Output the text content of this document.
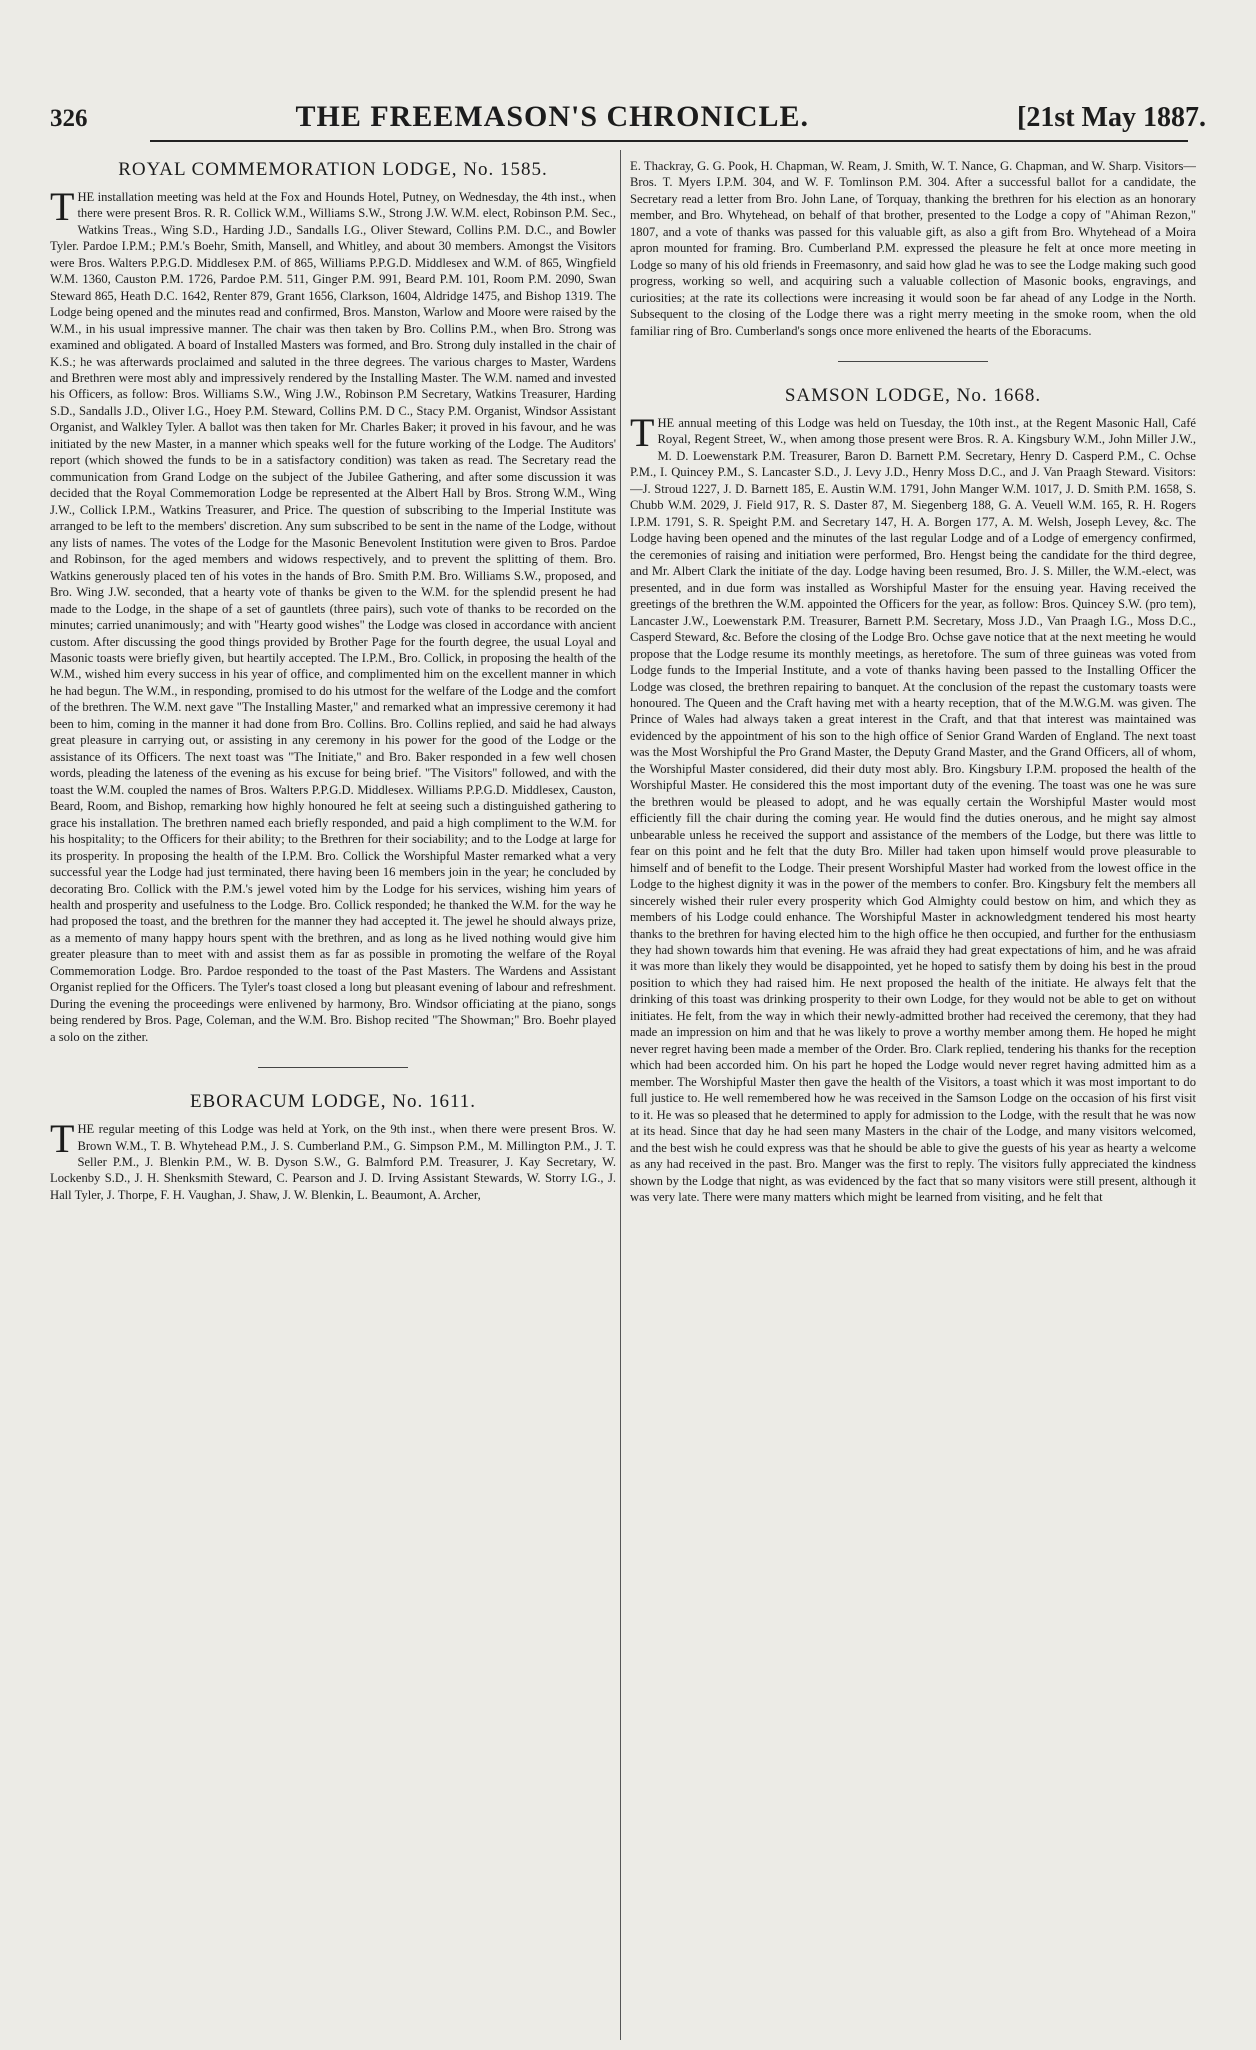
326	THE FREEMASON'S CHRONICLE.	[21st May 1887.
ROYAL COMMEMORATION LODGE, No. 1585.

THE installation meeting was held at the Fox and Hounds Hotel, Putney, on Wednesday, the 4th inst., when there were present Bros. R. R. Collick W.M., Williams S.W., Strong J.W. W.M. elect, Robinson P.M. Sec., Watkins Treas., Wing S.D., Harding J.D., Sandalls I.G., Oliver Steward, Collins P.M. D.C., and Bowler Tyler. Pardoe I.P.M.; P.M.'s Boehr, Smith, Mansell, and Whitley, and about 30 members. Amongst the Visitors were Bros. Walters P.P.G.D. Middlesex P.M. of 865, Williams P.P.G.D. Middlesex and W.M. of 865, Wingfield W.M. 1360, Causton P.M. 1726, Pardoe P.M. 511, Ginger P.M. 991, Beard P.M. 101, Room P.M. 2090, Swan Steward 865, Heath D.C. 1642, Renter 879, Grant 1656, Clarkson, 1604, Aldridge 1475, and Bishop 1319. The Lodge being opened and the minutes read and confirmed, Bros. Manston, Warlow and Moore were raised by the W.M., in his usual impressive manner. The chair was then taken by Bro. Collins P.M., when Bro. Strong was examined and obligated. A board of Installed Masters was formed, and Bro. Strong duly installed in the chair of K.S.; he was afterwards proclaimed and saluted in the three degrees. The various charges to Master, Wardens and Brethren were most ably and impressively rendered by the Installing Master. The W.M. named and invested his Officers, as follow: Bros. Williams S.W., Wing J.W., Robinson P.M Secretary, Watkins Treasurer, Harding S.D., Sandalls J.D., Oliver I.G., Hoey P.M. Steward, Collins P.M. D C., Stacy P.M. Organist, Windsor Assistant Organist, and Walkley Tyler. A ballot was then taken for Mr. Charles Baker; it proved in his favour, and he was initiated by the new Master, in a manner which speaks well for the future working of the Lodge. The Auditors' report (which showed the funds to be in a satisfactory condition) was taken as read. The Secretary read the communication from Grand Lodge on the subject of the Jubilee Gathering, and after some discussion it was decided that the Royal Commemoration Lodge be represented at the Albert Hall by Bros. Strong W.M., Wing J.W., Collick I.P.M., Watkins Treasurer, and Price. The question of subscribing to the Imperial Institute was arranged to be left to the members' discretion. Any sum subscribed to be sent in the name of the Lodge, without any lists of names. The votes of the Lodge for the Masonic Benevolent Institution were given to Bros. Pardoe and Robinson, for the aged members and widows respectively, and to prevent the splitting of them. Bro. Watkins generously placed ten of his votes in the hands of Bro. Smith P.M. Bro. Williams S.W., proposed, and Bro. Wing J.W. seconded, that a hearty vote of thanks be given to the W.M. for the splendid present he had made to the Lodge, in the shape of a set of gauntlets (three pairs), such vote of thanks to be recorded on the minutes; carried unanimously; and with "Hearty good wishes" the Lodge was closed in accordance with ancient custom. After discussing the good things provided by Brother Page for the fourth degree, the usual Loyal and Masonic toasts were briefly given, but heartily accepted. The I.P.M., Bro. Collick, in proposing the health of the W.M., wished him every success in his year of office, and complimented him on the excellent manner in which he had begun. The W.M., in responding, promised to do his utmost for the welfare of the Lodge and the comfort of the brethren. The W.M. next gave "The Installing Master," and remarked what an impressive ceremony it had been to him, coming in the manner it had done from Bro. Collins. Bro. Collins replied, and said he had always great pleasure in carrying out, or assisting in any ceremony in his power for the good of the Lodge or the assistance of its Officers. The next toast was "The Initiate," and Bro. Baker responded in a few well chosen words, pleading the lateness of the evening as his excuse for being brief. "The Visitors" followed, and with the toast the W.M. coupled the names of Bros. Walters P.P.G.D. Middlesex. Williams P.P.G.D. Middlesex, Causton, Beard, Room, and Bishop, remarking how highly honoured he felt at seeing such a distinguished gathering to grace his installation. The brethren named each briefly responded, and paid a high compliment to the W.M. for his hospitality; to the Officers for their ability; to the Brethren for their sociability; and to the Lodge at large for its prosperity. In proposing the health of the I.P.M. Bro. Collick the Worshipful Master remarked what a very successful year the Lodge had just terminated, there having been 16 members join in the year; he concluded by decorating Bro. Collick with the P.M.'s jewel voted him by the Lodge for his services, wishing him years of health and prosperity and usefulness to the Lodge. Bro. Collick responded; he thanked the W.M. for the way he had proposed the toast, and the brethren for the manner they had accepted it. The jewel he should always prize, as a memento of many happy hours spent with the brethren, and as long as he lived nothing would give him greater pleasure than to meet with and assist them as far as possible in promoting the welfare of the Royal Commemoration Lodge. Bro. Pardoe responded to the toast of the Past Masters. The Wardens and Assistant Organist replied for the Officers. The Tyler's toast closed a long but pleasant evening of labour and refreshment. During the evening the proceedings were enlivened by harmony, Bro. Windsor officiating at the piano, songs being rendered by Bros. Page, Coleman, and the W.M. Bro. Bishop recited "The Showman;" Bro. Boehr played a solo on the zither.

EBORACUM LODGE, No. 1611.

THE regular meeting of this Lodge was held at York, on the 9th inst., when there were present Bros. W. Brown W.M., T. B. Whytehead P.M., J. S. Cumberland P.M., G. Simpson P.M., M. Millington P.M., J. T. Seller P.M., J. Blenkin P.M., W. B. Dyson S.W., G. Balmford P.M. Treasurer, J. Kay Secretary, W. Lockenby S.D., J. H. Shenksmith Steward, C. Pearson and J. D. Irving Assistant Stewards, W. Storry I.G., J. Hall Tyler, J. Thorpe, F. H. Vaughan, J. Shaw, J. W. Blenkin, L. Beaumont, A. Archer,

E. Thackray, G. G. Pook, H. Chapman, W. Ream, J. Smith, W. T. Nance, G. Chapman, and W. Sharp. Visitors—Bros. T. Myers I.P.M. 304, and W. F. Tomlinson P.M. 304. After a successful ballot for a candidate, the Secretary read a letter from Bro. John Lane, of Torquay, thanking the brethren for his election as an honorary member, and Bro. Whytehead, on behalf of that brother, presented to the Lodge a copy of "Ahiman Rezon," 1807, and a vote of thanks was passed for this valuable gift, as also a gift from Bro. Whytehead of a Moira apron mounted for framing. Bro. Cumberland P.M. expressed the pleasure he felt at once more meeting in Lodge so many of his old friends in Freemasonry, and said how glad he was to see the Lodge making such good progress, working so well, and acquiring such a valuable collection of Masonic books, engravings, and curiosities; at the rate its collections were increasing it would soon be far ahead of any Lodge in the North. Subsequent to the closing of the Lodge there was a right merry meeting in the smoke room, when the old familiar ring of Bro. Cumberland's songs once more enlivened the hearts of the Eboracums.

SAMSON LODGE, No. 1668.

THE annual meeting of this Lodge was held on Tuesday, the 10th inst., at the Regent Masonic Hall, Café Royal, Regent Street, W., when among those present were Bros. R. A. Kingsbury W.M., John Miller J.W., M. D. Loewenstark P.M. Treasurer, Baron D. Barnett P.M. Secretary, Henry D. Casperd P.M., C. Ochse P.M., I. Quincey P.M., S. Lancaster S.D., J. Levy J.D., Henry Moss D.C., and J. Van Praagh Steward. Visitors:—J. Stroud 1227, J. D. Barnett 185, E. Austin W.M. 1791, John Manger W.M. 1017, J. D. Smith P.M. 1658, S. Chubb W.M. 2029, J. Field 917, R. S. Daster 87, M. Siegenberg 188, G. A. Veuell W.M. 165, R. H. Rogers I.P.M. 1791, S. R. Speight P.M. and Secretary 147, H. A. Borgen 177, A. M. Welsh, Joseph Levey, &c. The Lodge having been opened and the minutes of the last regular Lodge and of a Lodge of emergency confirmed, the ceremonies of raising and initiation were performed, Bro. Hengst being the candidate for the third degree, and Mr. Albert Clark the initiate of the day. Lodge having been resumed, Bro. J. S. Miller, the W.M.-elect, was presented, and in due form was installed as Worshipful Master for the ensuing year. Having received the greetings of the brethren the W.M. appointed the Officers for the year, as follow: Bros. Quincey S.W. (pro tem), Lancaster J.W., Loewenstark P.M. Treasurer, Barnett P.M. Secretary, Moss J.D., Van Praagh I.G., Moss D.C., Casperd Steward, &c. Before the closing of the Lodge Bro. Ochse gave notice that at the next meeting he would propose that the Lodge resume its monthly meetings, as heretofore. The sum of three guineas was voted from Lodge funds to the Imperial Institute, and a vote of thanks having been passed to the Installing Officer the Lodge was closed, the brethren repairing to banquet. At the conclusion of the repast the customary toasts were honoured. The Queen and the Craft having met with a hearty reception, that of the M.W.G.M. was given. The Prince of Wales had always taken a great interest in the Craft, and that that interest was maintained was evidenced by the appointment of his son to the high office of Senior Grand Warden of England. The next toast was the Most Worshipful the Pro Grand Master, the Deputy Grand Master, and the Grand Officers, all of whom, the Worshipful Master considered, did their duty most ably. Bro. Kingsbury I.P.M. proposed the health of the Worshipful Master. He considered this the most important duty of the evening. The toast was one he was sure the brethren would be pleased to adopt, and he was equally certain the Worshipful Master would most efficiently fill the chair during the coming year. He would find the duties onerous, and he might say almost unbearable unless he received the support and assistance of the members of the Lodge, but there was little to fear on this point and he felt that the duty Bro. Miller had taken upon himself would prove pleasurable to himself and of benefit to the Lodge. Their present Worshipful Master had worked from the lowest office in the Lodge to the highest dignity it was in the power of the members to confer. Bro. Kingsbury felt the members all sincerely wished their ruler every prosperity which God Almighty could bestow on him, and which they as members of his Lodge could enhance. The Worshipful Master in acknowledgment tendered his most hearty thanks to the brethren for having elected him to the high office he then occupied, and further for the enthusiasm they had shown towards him that evening. He was afraid they had great expectations of him, and he was afraid it was more than likely they would be disappointed, yet he hoped to satisfy them by doing his best in the proud position to which they had raised him. He next proposed the health of the initiate. He always felt that the drinking of this toast was drinking prosperity to their own Lodge, for they would not be able to get on without initiates. He felt, from the way in which their newly-admitted brother had received the ceremony, that they had made an impression on him and that he was likely to prove a worthy member among them. He hoped he might never regret having been made a member of the Order. Bro. Clark replied, tendering his thanks for the reception which had been accorded him. On his part he hoped the Lodge would never regret having admitted him as a member. The Worshipful Master then gave the health of the Visitors, a toast which it was most important to do full justice to. He well remembered how he was received in the Samson Lodge on the occasion of his first visit to it. He was so pleased that he determined to apply for admission to the Lodge, with the result that he was now at its head. Since that day he had seen many Masters in the chair of the Lodge, and many visitors welcomed, and the best wish he could express was that he should be able to give the guests of his year as hearty a welcome as any had received in the past. Bro. Manger was the first to reply. The visitors fully appreciated the kindness shown by the Lodge that night, as was evidenced by the fact that so many visitors were still present, although it was very late. There were many matters which might be learned from visiting, and he felt that
